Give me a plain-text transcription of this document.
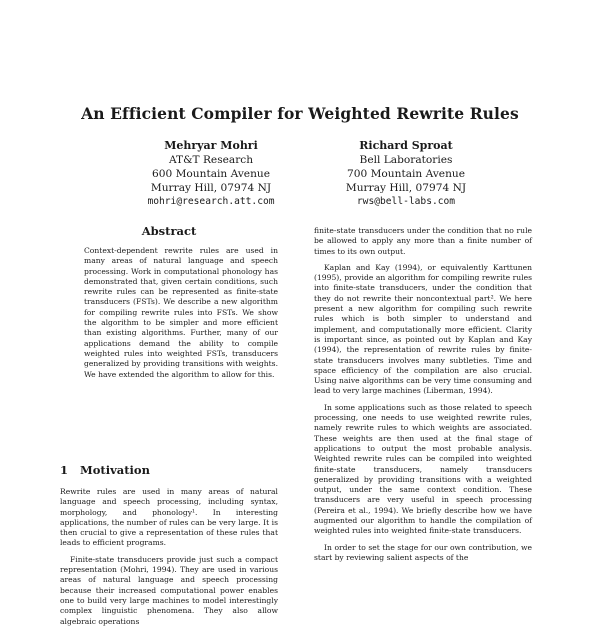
An Efficient Compiler for Weighted Rewrite Rules
Mehryar Mohri
AT&T Research
600 Mountain Avenue
Murray Hill, 07974 NJ
mohri@research.att.com
Richard Sproat
Bell Laboratories
700 Mountain Avenue
Murray Hill, 07974 NJ
rws@bell-labs.com
Abstract
Context-dependent rewrite rules are used in many areas of natural language and speech processing. Work in computational phonology has demonstrated that, given certain conditions, such rewrite rules can be represented as finite-state transducers (FSTs). We describe a new algorithm for compiling rewrite rules into FSTs. We show the algorithm to be simpler and more efficient than existing algorithms. Further, many of our applications demand the ability to compile weighted rules into weighted FSTs, transducers generalized by providing transitions with weights. We have extended the algorithm to allow for this.
1 Motivation

Rewrite rules are used in many areas of natural language and speech processing, including syntax, morphology, and phonology¹. In interesting applications, the number of rules can be very large. It is then crucial to give a representation of these rules that leads to efficient programs.

Finite-state transducers provide just such a compact representation (Mohri, 1994). They are used in various areas of natural language and speech processing because their increased computational power enables one to build very large machines to model interestingly complex linguistic phenomena. They also allow algebraic operations

finite-state transducers under the condition that no rule be allowed to apply any more than a finite number of times to its own output.

Kaplan and Kay (1994), or equivalently Karttunen (1995), provide an algorithm for compiling rewrite rules into finite-state transducers, under the condition that they do not rewrite their noncontextual part². We here present a new algorithm for compiling such rewrite rules which is both simpler to understand and implement, and computationally more efficient. Clarity is important since, as pointed out by Kaplan and Kay (1994), the representation of rewrite rules by finite-state transducers involves many subtleties. Time and space efficiency of the compilation are also crucial. Using naive algorithms can be very time consuming and lead to very large machines (Liberman, 1994).

In some applications such as those related to speech processing, one needs to use weighted rewrite rules, namely rewrite rules to which weights are associated. These weights are then used at the final stage of applications to output the most probable analysis. Weighted rewrite rules can be compiled into weighted finite-state transducers, namely transducers generalized by providing transitions with a weighted output, under the same context condition. These transducers are very useful in speech processing (Pereira et al., 1994). We briefly describe how we have augmented our algorithm to handle the compilation of weighted rules into weighted finite-state transducers.

In order to set the stage for our own contribution, we start by reviewing salient aspects of the
